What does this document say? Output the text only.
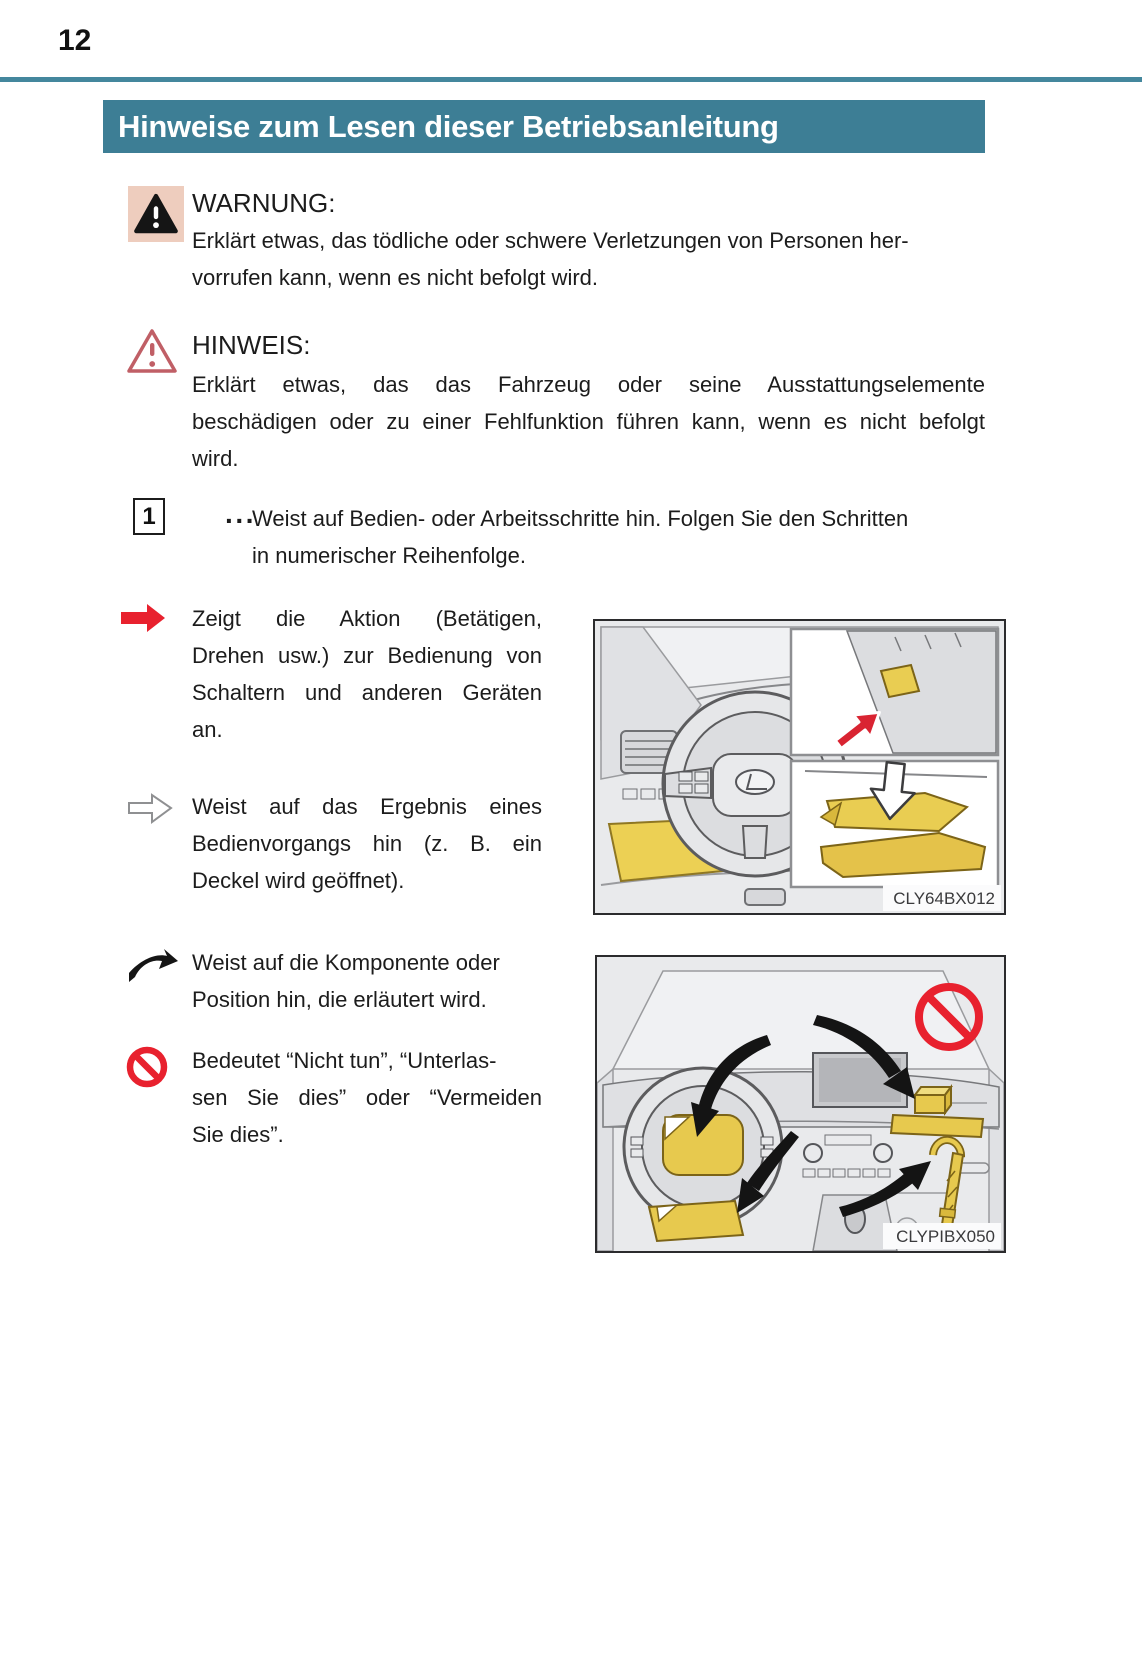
12
Hinweise zum Lesen dieser Betriebsanleitung
WARNUNG:
Erklärt etwas, das tödliche oder schwere Verletzungen von Personen her-
vorrufen kann, wenn es nicht befolgt wird.
HINWEIS:
Erklärt etwas, das das Fahrzeug oder seine Ausstattungselemente
beschädigen oder zu einer Fehlfunktion führen kann, wenn es nicht befolgt
wird.
1 2 3 ···
Weist auf Bedien- oder Arbeitsschritte hin. Folgen Sie den Schritten
in numerischer Reihenfolge.
Zeigt die Aktion (Betätigen,
Drehen usw.) zur Bedienung von
Schaltern und anderen Geräten
an.
Weist auf das Ergebnis eines
Bedienvorgangs hin (z. B. ein
Deckel wird geöffnet).
Weist auf die Komponente oder
Position hin, die erläutert wird.
Bedeutet “Nicht tun”, “Unterlas-
sen Sie dies” oder “Vermeiden
Sie dies”.
CLY64BX012
CLYPIBX050
